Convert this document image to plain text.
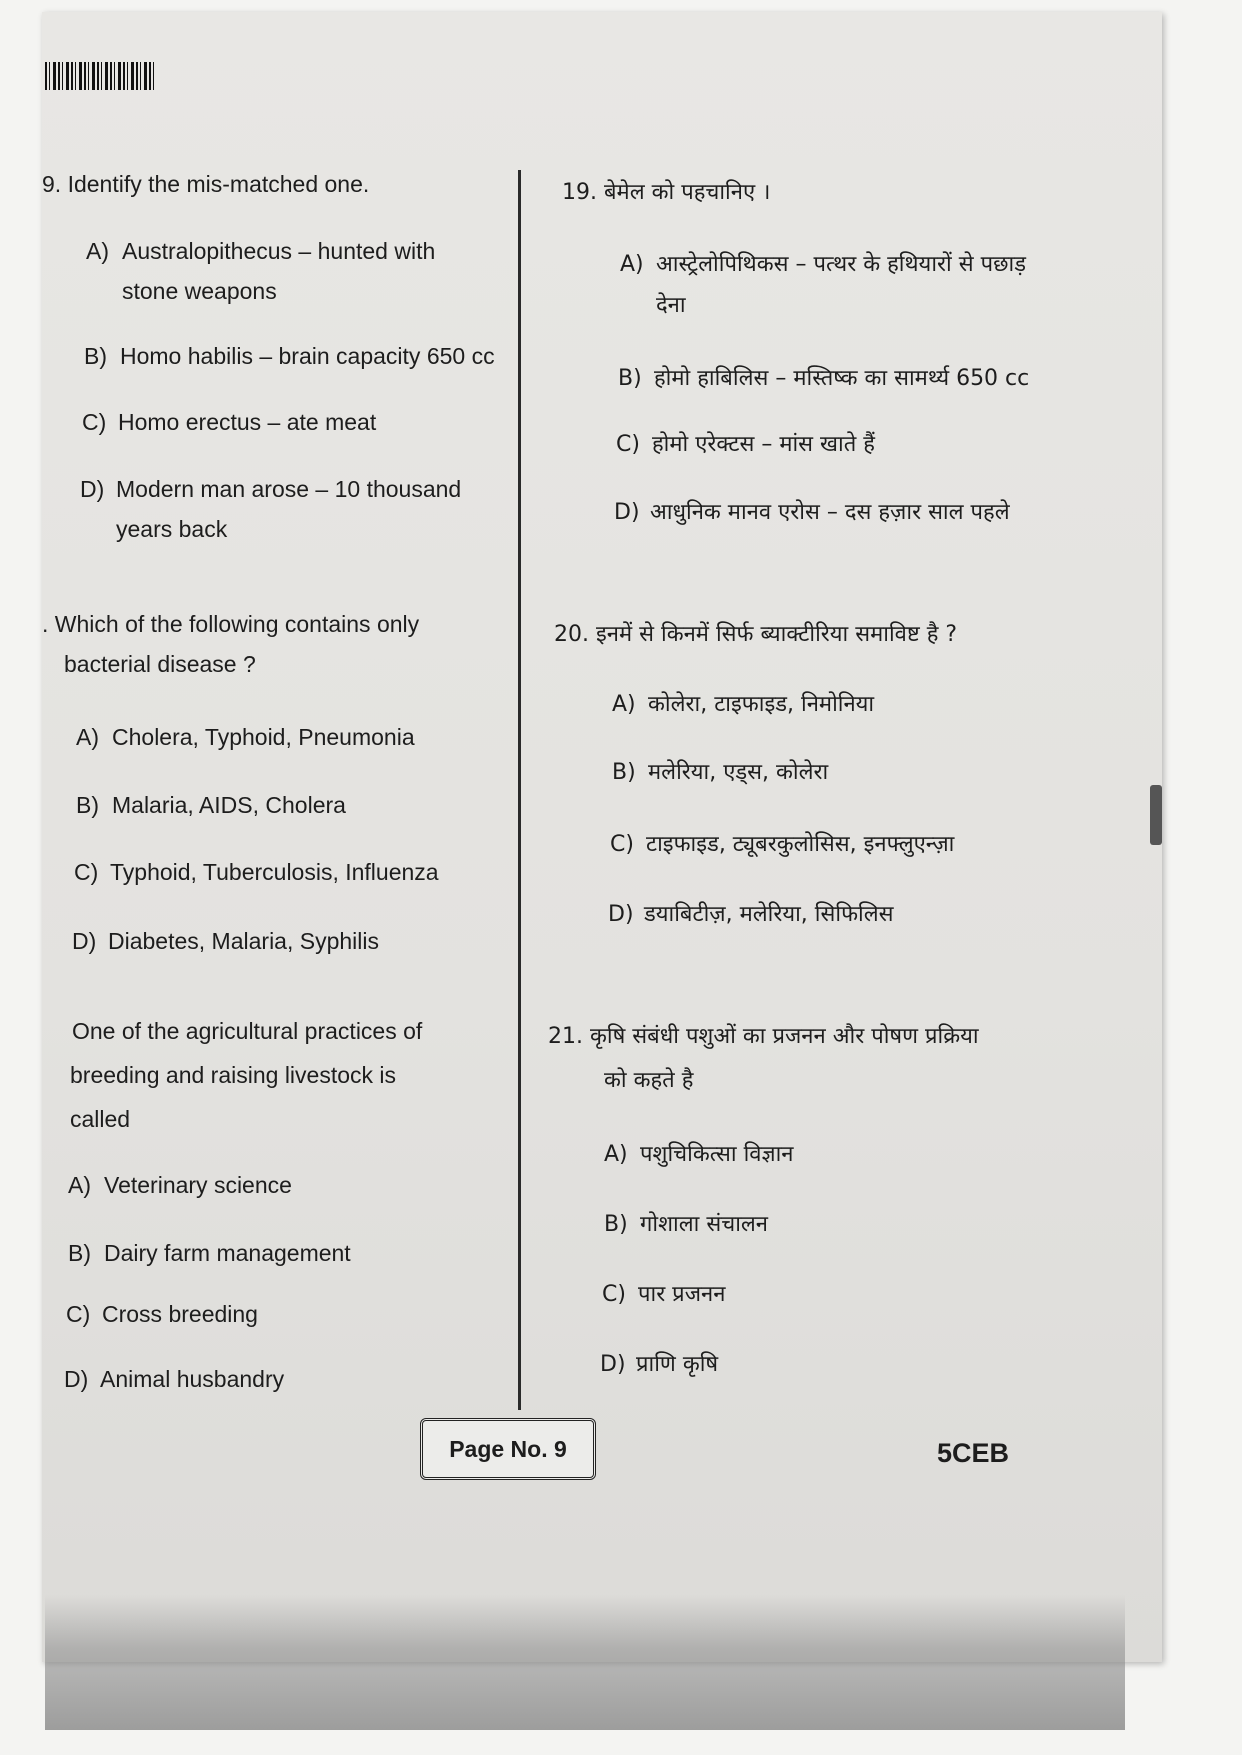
9. Identify the mis-matched one.
A) Australopithecus – hunted with
stone weapons
B) Homo habilis – brain capacity 650 cc
C) Homo erectus – ate meat
D) Modern man arose – 10 thousand
years back
. Which of the following contains only
bacterial disease ?
A) Cholera, Typhoid, Pneumonia
B) Malaria, AIDS, Cholera
C) Typhoid, Tuberculosis, Influenza
D) Diabetes, Malaria, Syphilis
One of the agricultural practices of
breeding and raising livestock is
called
A) Veterinary science
B) Dairy farm management
C) Cross breeding
D) Animal husbandry
19. बेमेल को पहचानिए ।
A) आस्ट्रेलोपिथिकस – पत्थर के हथियारों से पछाड़
देना
B) होमो हाबिलिस – मस्तिष्क का सामर्थ्य 650 cc
C) होमो एरेक्टस – मांस खाते हैं
D) आधुनिक मानव एरोस – दस हज़ार साल पहले
20. इनमें से किनमें सिर्फ ब्याक्टीरिया समाविष्ट है ?
A) कोलेरा, टाइफाइड, निमोनिया
B) मलेरिया, एड्स, कोलेरा
C) टाइफाइड, ट्यूबरकुलोसिस, इनफ्लुएन्ज़ा
D) डयाबिटीज़, मलेरिया, सिफिलिस
21. कृषि संबंधी पशुओं का प्रजनन और पोषण प्रक्रिया
को कहते है
A) पशुचिकित्सा विज्ञान
B) गोशाला संचालन
C) पार प्रजनन
D) प्राणि कृषि
Page No. 9	5CEB
